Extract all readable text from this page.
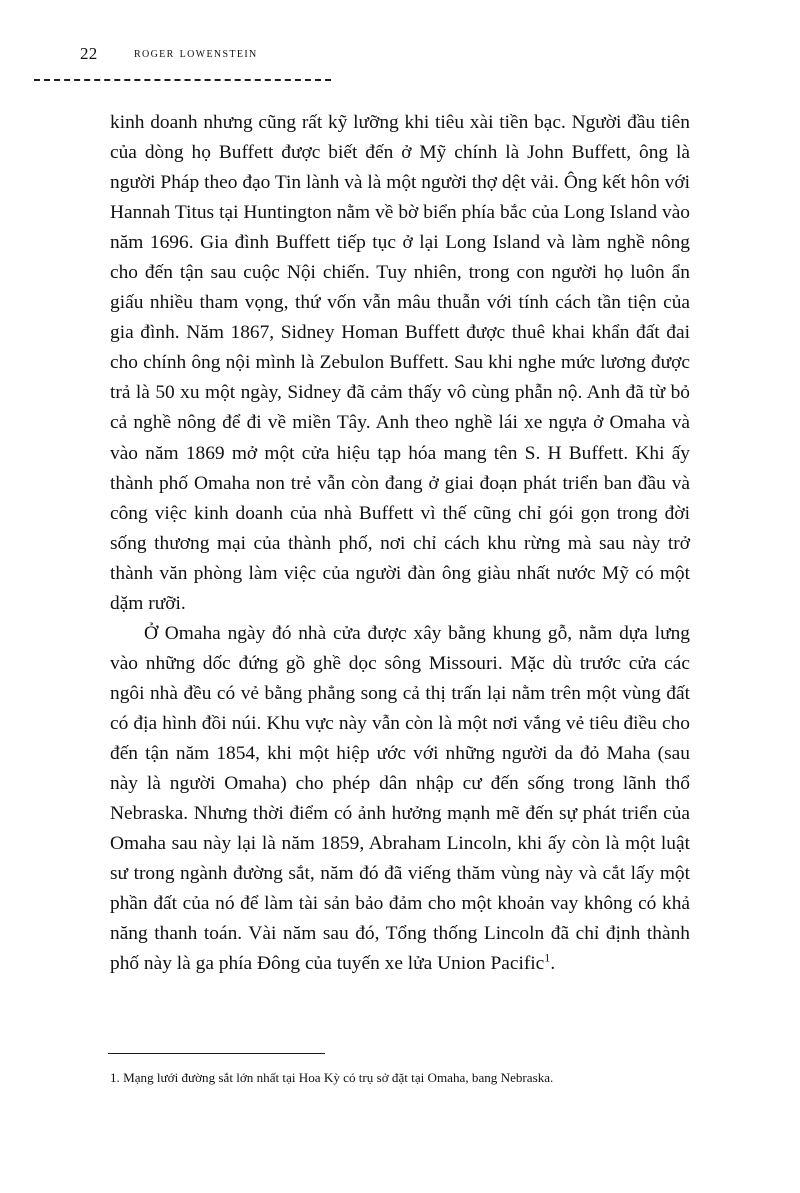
22	roger lowenstein

kinh doanh nhưng cũng rất kỹ lưỡng khi tiêu xài tiền bạc. Người đầu tiên của dòng họ Buffett được biết đến ở Mỹ chính là John Buffett, ông là người Pháp theo đạo Tin lành và là một người thợ dệt vải. Ông kết hôn với Hannah Titus tại Huntington nằm về bờ biển phía bắc của Long Island vào năm 1696. Gia đình Buffett tiếp tục ở lại Long Island và làm nghề nông cho đến tận sau cuộc Nội chiến. Tuy nhiên, trong con người họ luôn ẩn giấu nhiều tham vọng, thứ vốn vẫn mâu thuẫn với tính cách tần tiện của gia đình. Năm 1867, Sidney Homan Buffett được thuê khai khẩn đất đai cho chính ông nội mình là Zebulon Buffett. Sau khi nghe mức lương được trả là 50 xu một ngày, Sidney đã cảm thấy vô cùng phẫn nộ. Anh đã từ bỏ cả nghề nông để đi về miền Tây. Anh theo nghề lái xe ngựa ở Omaha và vào năm 1869 mở một cửa hiệu tạp hóa mang tên S. H Buffett. Khi ấy thành phố Omaha non trẻ vẫn còn đang ở giai đoạn phát triển ban đầu và công việc kinh doanh của nhà Buffett vì thế cũng chỉ gói gọn trong đời sống thương mại của thành phố, nơi chỉ cách khu rừng mà sau này trở thành văn phòng làm việc của người đàn ông giàu nhất nước Mỹ có một dặm rưỡi.

Ở Omaha ngày đó nhà cửa được xây bằng khung gỗ, nằm dựa lưng vào những dốc đứng gồ ghề dọc sông Missouri. Mặc dù trước cửa các ngôi nhà đều có vẻ bằng phẳng song cả thị trấn lại nằm trên một vùng đất có địa hình đồi núi. Khu vực này vẫn còn là một nơi vắng vẻ tiêu điều cho đến tận năm 1854, khi một hiệp ước với những người da đỏ Maha (sau này là người Omaha) cho phép dân nhập cư đến sống trong lãnh thổ Nebraska. Nhưng thời điểm có ảnh hưởng mạnh mẽ đến sự phát triển của Omaha sau này lại là năm 1859, Abraham Lincoln, khi ấy còn là một luật sư trong ngành đường sắt, năm đó đã viếng thăm vùng này và cắt lấy một phần đất của nó để làm tài sản bảo đảm cho một khoản vay không có khả năng thanh toán. Vài năm sau đó, Tổng thống Lincoln đã chỉ định thành phố này là ga phía Đông của tuyến xe lửa Union Pacific$^1$.

1. Mạng lưới đường sắt lớn nhất tại Hoa Kỳ có trụ sở đặt tại Omaha, bang Nebraska.
